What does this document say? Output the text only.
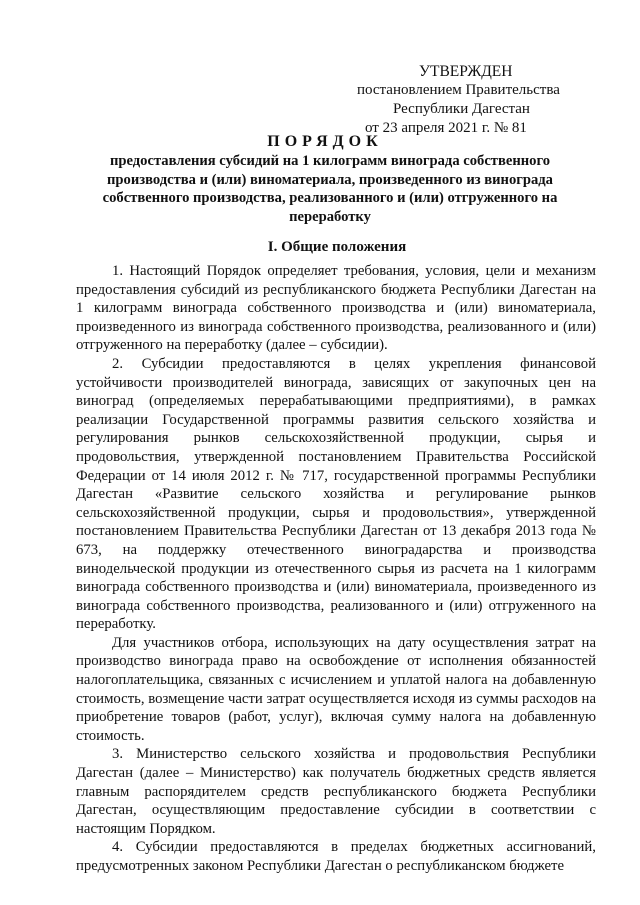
УТВЕРЖДЕН
постановлением Правительства
Республики Дагестан
от 23 апреля 2021 г. № 81
ПОРЯДОК
предоставления субсидий на 1 килограмм винограда собственного производства и (или) виноматериала, произведенного из винограда собственного производства, реализованного и (или) отгруженного на переработку
I. Общие положения

1. Настоящий Порядок определяет требования, условия, цели и механизм предоставления субсидий из республиканского бюджета Республики Дагестан на 1 килограмм винограда собственного производства и (или) виноматериала, произведенного из винограда собственного производства, реализованного и (или) отгруженного на переработку (далее – субсидии).

2. Субсидии предоставляются в целях укрепления финансовой устойчивости производителей винограда, зависящих от закупочных цен на виноград (определяемых перерабатывающими предприятиями), в рамках реализации Государственной программы развития сельского хозяйства и регулирования рынков сельскохозяйственной продукции, сырья и продовольствия, утвержденной постановлением Правительства Российской Федерации от 14 июля 2012 г. № 717, государственной программы Республики Дагестан «Развитие сельского хозяйства и регулирование рынков сельскохозяйственной продукции, сырья и продовольствия», утвержденной постановлением Правительства Республики Дагестан от 13 декабря 2013 года № 673, на поддержку отечественного виноградарства и производства винодельческой продукции из отечественного сырья из расчета на 1 килограмм винограда собственного производства и (или) виноматериала, произведенного из винограда собственного производства, реализованного и (или) отгруженного на переработку.

Для участников отбора, использующих на дату осуществления затрат на производство винограда право на освобождение от исполнения обязанностей налогоплательщика, связанных с исчислением и уплатой налога на добавленную стоимость, возмещение части затрат осуществляется исходя из суммы расходов на приобретение товаров (работ, услуг), включая сумму налога на добавленную стоимость.

3. Министерство сельского хозяйства и продовольствия Республики Дагестан (далее – Министерство) как получатель бюджетных средств является главным распорядителем средств республиканского бюджета Республики Дагестан, осуществляющим предоставление субсидии в соответствии с настоящим Порядком.

4. Субсидии предоставляются в пределах бюджетных ассигнований, предусмотренных законом Республики Дагестан о республиканском бюджете
